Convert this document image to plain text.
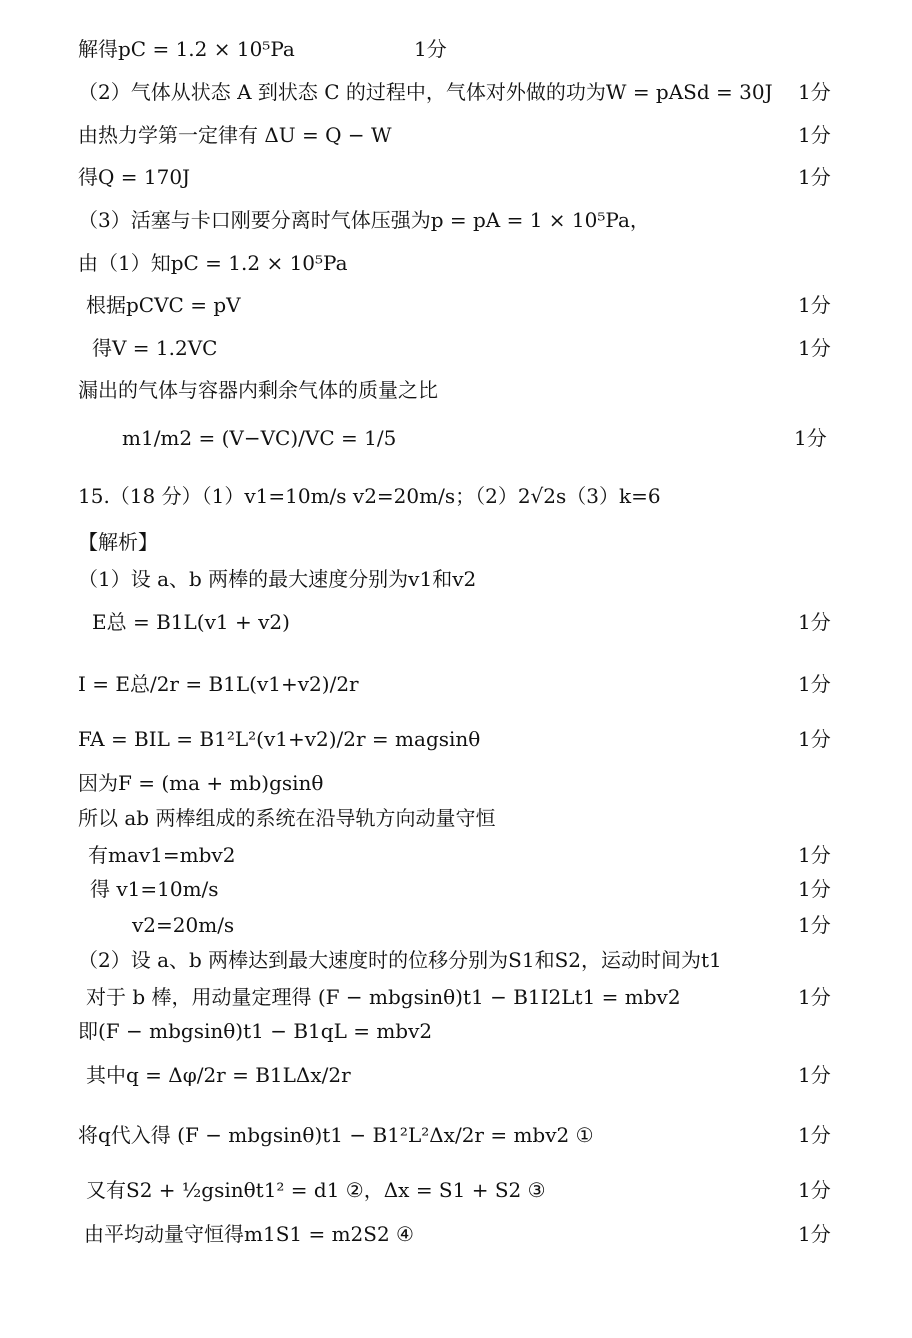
解得pC = 1.2 × 10⁵Pa	1分
（2）气体从状态 A 到状态 C 的过程中，气体对外做的功为W = pASd = 30J	1分
由热力学第一定律有 ΔU = Q − W	1分
得Q = 170J	1分
（3）活塞与卡口刚要分离时气体压强为p = pA = 1 × 10⁵Pa，
由（1）知pC = 1.2 × 10⁵Pa
根据pCVC = pV	1分
得V = 1.2VC	1分
漏出的气体与容器内剩余气体的质量之比
m1/m2 = (V−VC)/VC = 1/5	1分
15.（18 分）（1）v1=10m/s v2=20m/s；（2）2√2s（3）k=6
【解析】
（1）设 a、b 两棒的最大速度分别为v1和v2
E总 = B1L(v1 + v2)	1分
I = E总/2r = B1L(v1+v2)/2r	1分
FA = BIL = B1²L²(v1+v2)/2r = magsinθ	1分
因为F = (ma + mb)gsinθ
所以 ab 两棒组成的系统在沿导轨方向动量守恒
有mav1=mbv2	1分
得 v1=10m/s	1分
v2=20m/s	1分
（2）设 a、b 两棒达到最大速度时的位移分别为S1和S2，运动时间为t1
对于 b 棒，用动量定理得 (F − mbgsinθ)t1 − B1I2Lt1 = mbv2	1分
即(F − mbgsinθ)t1 − B1qL = mbv2
其中q = Δφ/2r = B1LΔx/2r	1分
将q代入得 (F − mbgsinθ)t1 − B1²L²Δx/2r = mbv2 ①	1分
又有S2 + ½gsinθt1² = d1 ②，Δx = S1 + S2 ③	1分
由平均动量守恒得m1S1 = m2S2 ④	1分
